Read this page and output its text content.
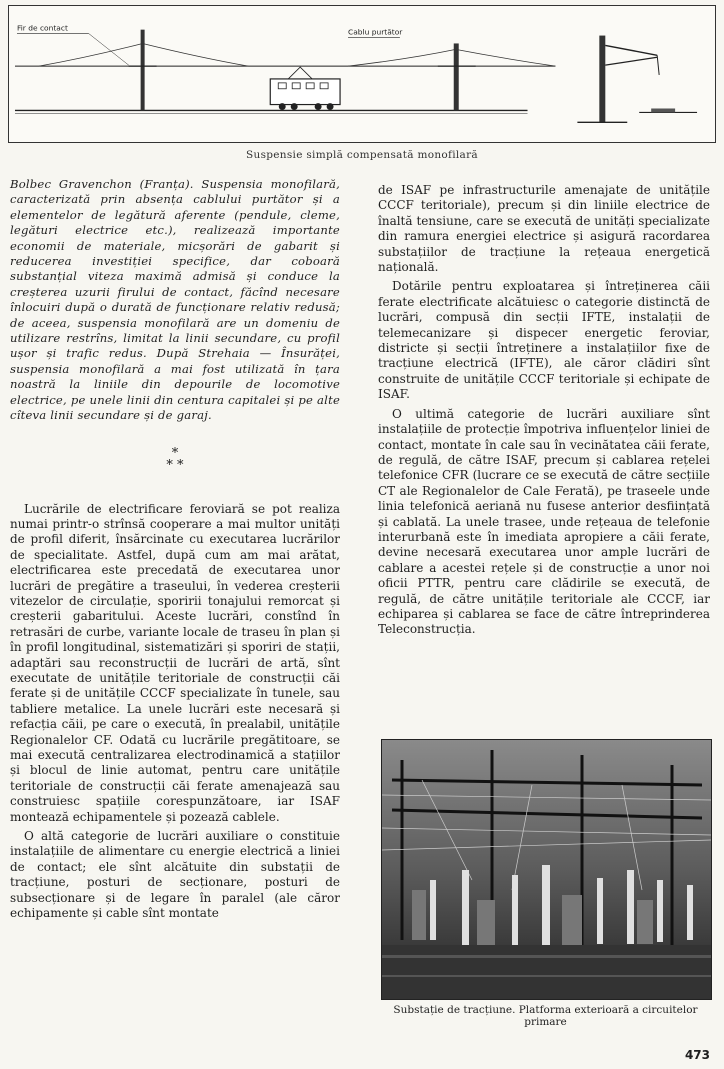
Fir de contact	Cablu purtător
Suspensie simplă compensată monofilară

Bolbec Gravenchon (Franța). Suspensia monofilară, caracterizată prin absența cablului purtător și a elementelor de legătură aferente (pendule, cleme, legături electrice etc.), realizează importante economii de materiale, micșorări de gabarit și reducerea investiției specifice, dar coboară substanțial viteza maximă admisă și conduce la creșterea uzurii firului de contact, făcînd necesare înlocuiri după o durată de funcționare relativ redusă; de aceea, suspensia monofilară are un domeniu de utilizare restrîns, limitat la linii secundare, cu profil ușor și trafic redus. După Strehaia — Însurăței, suspensia monofilară a mai fost utilizată în țara noastră la liniile din depourile de locomotive electrice, pe unele linii din centura capitalei și pe alte cîteva linii secundare și de garaj.

*
* *

Lucrările de electrificare feroviară se pot realiza numai printr-o strînsă cooperare a mai multor unități de profil diferit, însărcinate cu executarea lucrărilor de specialitate. Astfel, după cum am mai arătat, electrificarea este precedată de executarea unor lucrări de pregătire a traseului, în vederea creșterii vitezelor de circulație, sporirii tonajului remorcat și creșterii gabaritului. Aceste lucrări, constînd în retrasări de curbe, variante locale de traseu în plan și în profil longitudinal, sistematizări și sporiri de stații, adaptări sau reconstrucții de lucrări de artă, sînt executate de unitățile teritoriale de construcții căi ferate și de unitățile CCCF specializate în tunele, sau tabliere metalice. La unele lucrări este necesară și refacția căii, pe care o execută, în prealabil, unitățile Regionalelor CF. Odată cu lucrările pregătitoare, se mai execută centralizarea electrodinamică a stațiilor și blocul de linie automat, pentru care unitățile teritoriale de construcții căi ferate amenajează sau construiesc spațiile corespunzătoare, iar ISAF montează echipamentele și pozează cablele.

O altă categorie de lucrări auxiliare o constituie instalațiile de alimentare cu energie electrică a liniei de contact; ele sînt alcătuite din substații de tracțiune, posturi de secționare, posturi de subsecționare și de legare în paralel (ale căror echipamente și cable sînt montate

de ISAF pe infrastructurile amenajate de unitățile CCCF teritoriale), precum și din liniile electrice de înaltă tensiune, care se execută de unități specializate din ramura energiei electrice și asigură racordarea substațiilor de tracțiune la rețeaua energetică națională.

Dotările pentru exploatarea și întreținerea căii ferate electrificate alcătuiesc o categorie distinctă de lucrări, compusă din secții IFTE, instalații de telemecanizare și dispecer energetic feroviar, districte și secții întreținere a instalațiilor fixe de tracțiune electrică (IFTE), ale căror clădiri sînt construite de unitățile CCCF teritoriale și echipate de ISAF.

O ultimă categorie de lucrări auxiliare sînt instalațiile de protecție împotriva influențelor liniei de contact, montate în cale sau în vecinătatea căii ferate, de regulă, de către ISAF, precum și cablarea rețelei telefonice CFR (lucrare ce se execută de către secțiile CT ale Regionalelor de Cale Ferată), pe traseele unde linia telefonică aeriană nu fusese anterior desființată și cablată. La unele trasee, unde rețeaua de telefonie interurbană este în imediata apropiere a căii ferate, devine necesară executarea unor ample lucrări de cablare a acestei rețele și de construcție a unor noi oficii PTTR, pentru care clădirile se execută, de regulă, de către unitățile teritoriale ale CCCF, iar echiparea și cablarea se face de către întreprinderea Teleconstrucția.

Substație de tracțiune. Platforma exterioară a circuitelor primare
473
